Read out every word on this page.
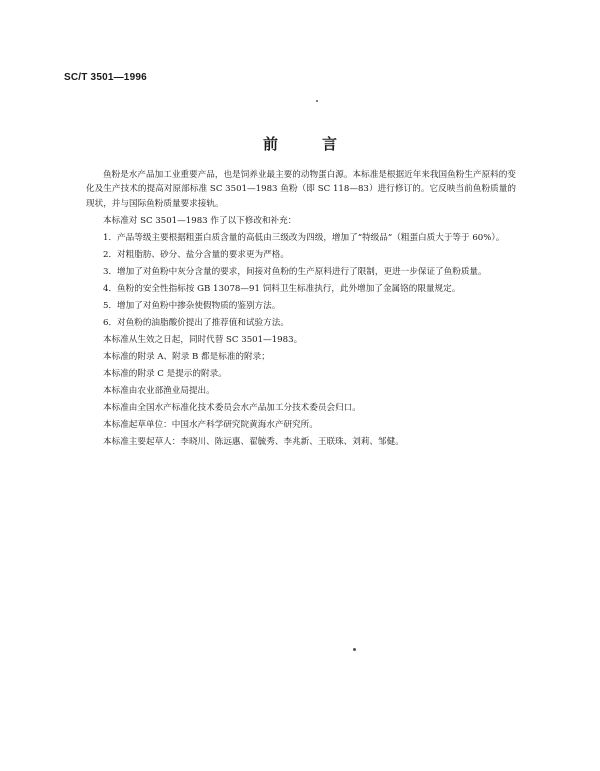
SC/T 3501—1996
前言

鱼粉是水产品加工业重要产品，也是饲养业最主要的动物蛋白源。本标准是根据近年来我国鱼粉生产原料的变化及生产技术的提高对原部标准 SC 3501—1983 鱼粉（即 SC 118—83）进行修订的。它反映当前鱼粉质量的现状，并与国际鱼粉质量要求接轨。

本标准对 SC 3501—1983 作了以下修改和补充：

1．产品等级主要根据粗蛋白质含量的高低由三级改为四级，增加了“特级品”（粗蛋白质大于等于 60%）。

2．对粗脂肪、砂分、盐分含量的要求更为严格。

3．增加了对鱼粉中灰分含量的要求，间接对鱼粉的生产原料进行了限制，更进一步保证了鱼粉质量。

4．鱼粉的安全性指标按 GB 13078—91 饲料卫生标准执行，此外增加了金属铬的限量规定。

5．增加了对鱼粉中掺杂使假物质的鉴别方法。

6．对鱼粉的油脂酸价提出了推荐值和试验方法。

本标准从生效之日起，同时代替 SC 3501—1983。

本标准的附录 A、附录 B 都是标准的附录；

本标准的附录 C 是提示的附录。

本标准由农业部渔业局提出。

本标准由全国水产标准化技术委员会水产品加工分技术委员会归口。

本标准起草单位：中国水产科学研究院黄海水产研究所。

本标准主要起草人：李晓川、陈远惠、翟毓秀、李兆新、王联珠、刘莉、邹健。
